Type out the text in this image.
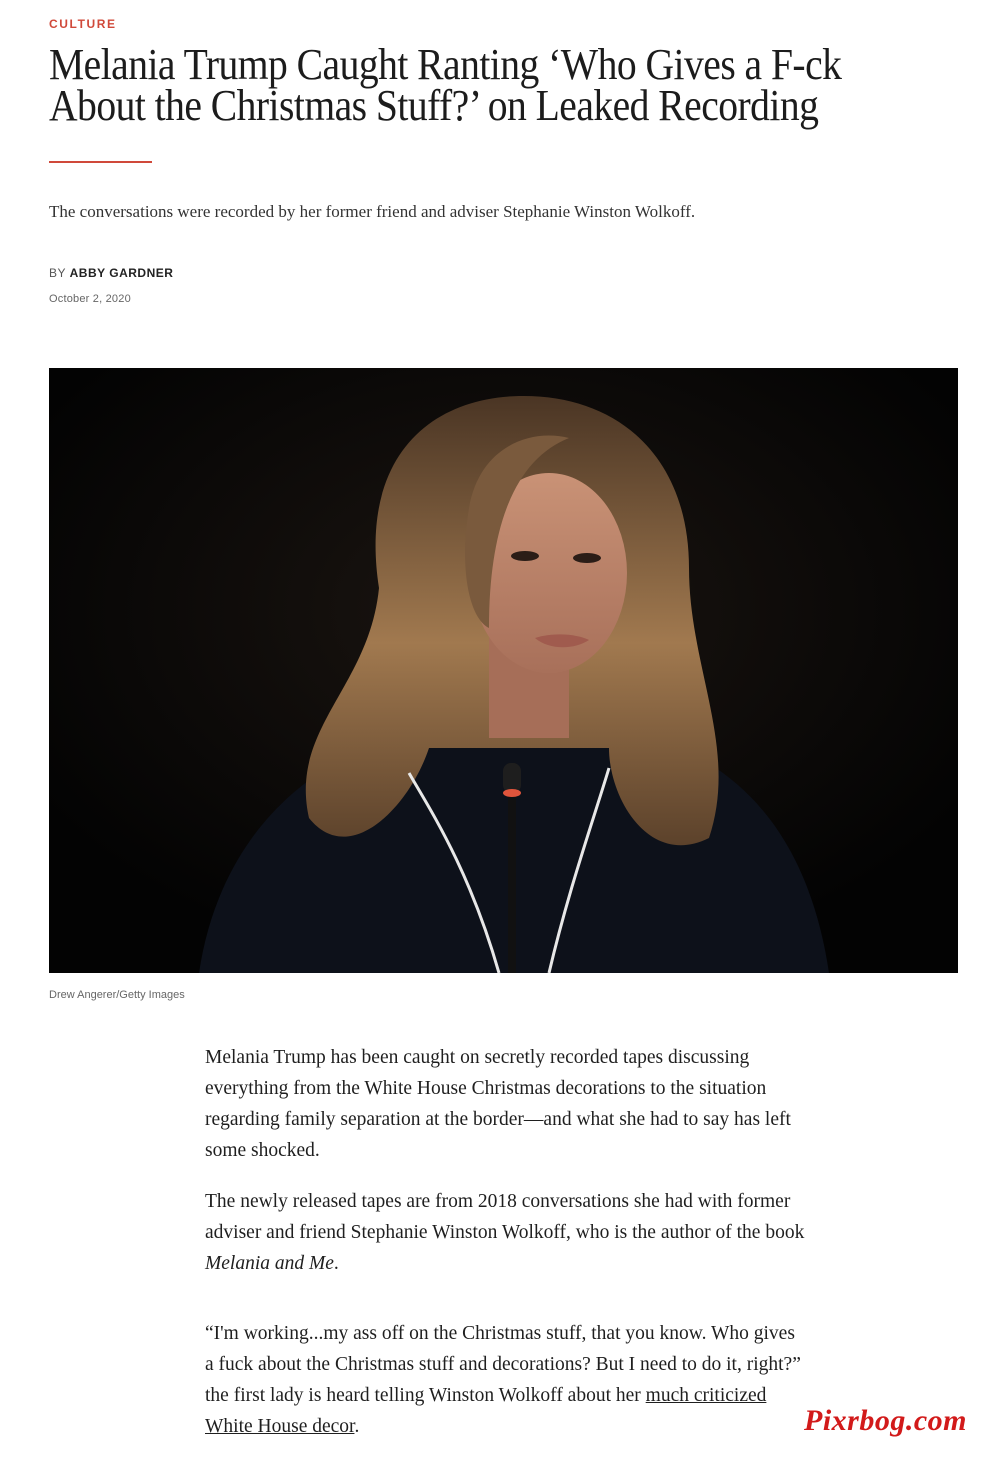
CULTURE
Melania Trump Caught Ranting ‘Who Gives a F-ck About the Christmas Stuff?’ on Leaked Recording

The conversations were recorded by her former friend and adviser Stephanie Winston Wolkoff.

BY ABBY GARDNER
October 2, 2020
Drew Angerer/Getty Images

Melania Trump has been caught on secretly recorded tapes discussing everything from the White House Christmas decorations to the situation regarding family separation at the border—and what she had to say has left some shocked.

The newly released tapes are from 2018 conversations she had with former adviser and friend Stephanie Winston Wolkoff, who is the author of the book Melania and Me.

“I'm working...my ass off on the Christmas stuff, that you know. Who gives a fuck about the Christmas stuff and decorations? But I need to do it, right?” the first lady is heard telling Winston Wolkoff about her much criticized White House decor.	Pixrbog.com
